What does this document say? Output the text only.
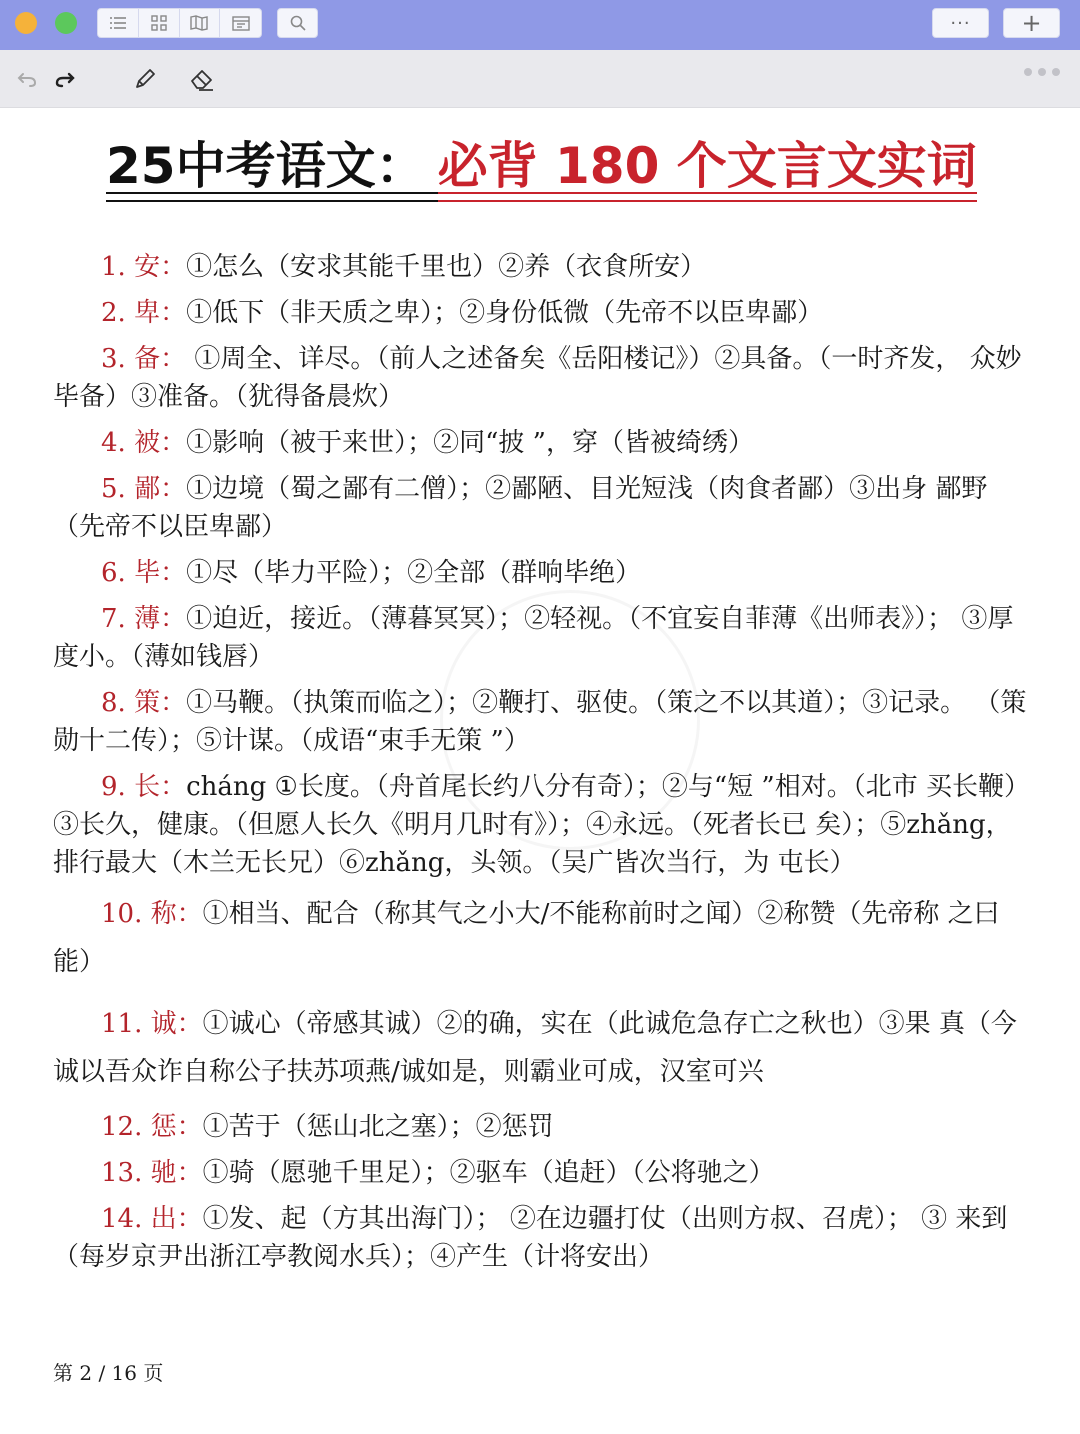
···	+
25中考语文： 必背 180 个文言文实词

1. 安：①怎么（安求其能千里也）②养（衣食所安）

2. 卑：①低下（非天质之卑）；②身份低微（先帝不以臣卑鄙）

3. 备： ①周全、详尽。（前人之述备矣《岳阳楼记》）②具备。（一时齐发， 众妙毕备）③准备。（犹得备晨炊）

4. 被：①影响（被于来世）；②同“披 ”，穿（皆被绮绣）

5. 鄙：①边境（蜀之鄙有二僧）；②鄙陋、目光短浅（肉食者鄙）③出身 鄙野（先帝不以臣卑鄙）

6. 毕：①尽（毕力平险）；②全部（群响毕绝）

7. 薄：①迫近，接近。（薄暮冥冥）；②轻视。（不宜妄自菲薄《出师表》）； ③厚度小。（薄如钱唇）

8. 策：①马鞭。（执策而临之）；②鞭打、驱使。（策之不以其道）；③记录。 （策勋十二传）；⑤计谋。（成语“束手无策 ”）

9. 长：cháng ①长度。（舟首尾长约八分有奇）；②与“短 ”相对。（北市 买长鞭）③长久，健康。（但愿人长久《明月几时有》）；④永远。（死者长已 矣）；⑤zhǎng，排行最大（木兰无长兄）⑥zhǎng，头领。（吴广皆次当行，为 屯长）

10. 称：①相当、配合（称其气之小大/不能称前时之闻）②称赞（先帝称 之曰能）

11. 诚：①诚心（帝感其诚）②的确，实在（此诚危急存亡之秋也）③果 真（今诚以吾众诈自称公子扶苏项燕/诚如是，则霸业可成，汉室可兴

12. 惩：①苦于（惩山北之塞）；②惩罚

13. 驰：①骑（愿驰千里足）；②驱车（追赶）（公将驰之）

14. 出：①发、起（方其出海门）； ②在边疆打仗（出则方叔、召虎）； ③ 来到（每岁京尹出浙江亭教阅水兵）；④产生（计将安出）

第 2 / 16 页
